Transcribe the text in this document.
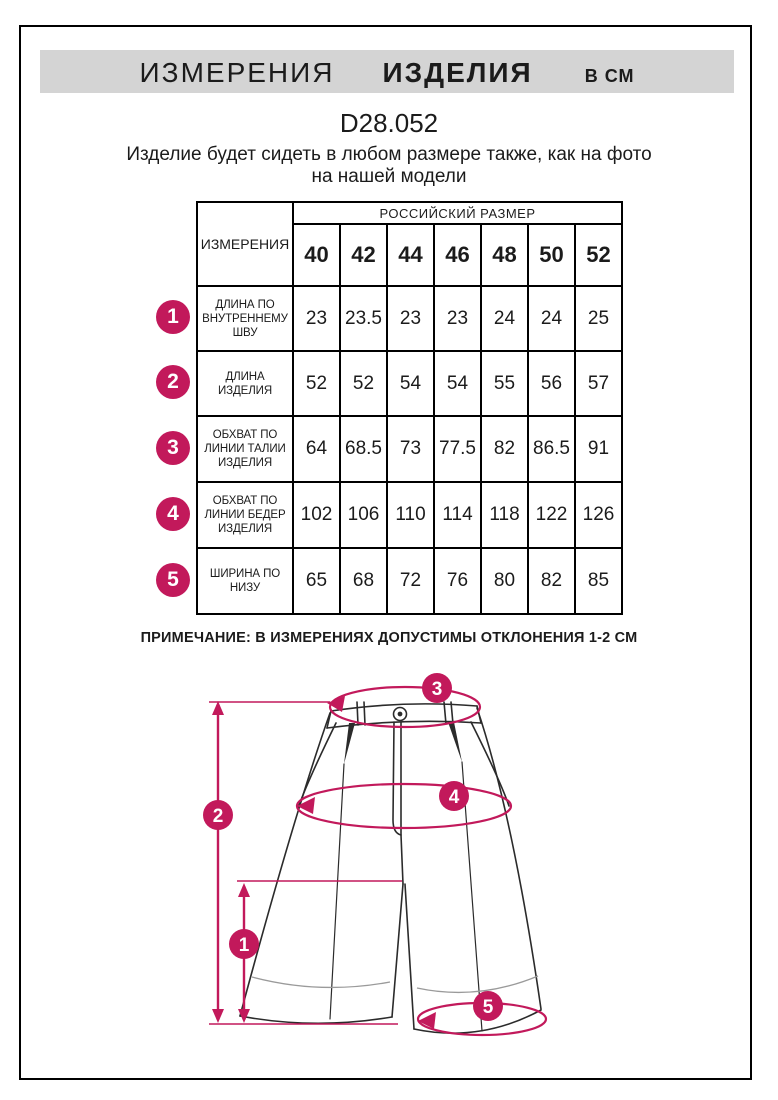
ИЗМЕРЕНИЯ ИЗДЕЛИЯ	В СМ
D28.052
Изделие будет сидеть в любом размере также, как на фото на нашей модели
ИЗМЕРЕНИЯ	РОССИЙСКИЙ РАЗМЕР						
	40	42	44	46	48	50	52
ДЛИНА ПО ВНУТРЕННЕМУ ШВУ	23	23.5	23	23	24	24	25
ДЛИНА ИЗДЕЛИЯ	52	52	54	54	55	56	57
ОБХВАТ ПО ЛИНИИ ТАЛИИ ИЗДЕЛИЯ	64	68.5	73	77.5	82	86.5	91
ОБХВАТ ПО ЛИНИИ БЕДЕР ИЗДЕЛИЯ	102	106	110	114	118	122	126
ШИРИНА ПО НИЗУ	65	68	72	76	80	82	85
1
2
3
4
5
ПРИМЕЧАНИЕ: В ИЗМЕРЕНИЯХ ДОПУСТИМЫ ОТКЛОНЕНИЯ 1-2 СМ
1
2
3
4
5
